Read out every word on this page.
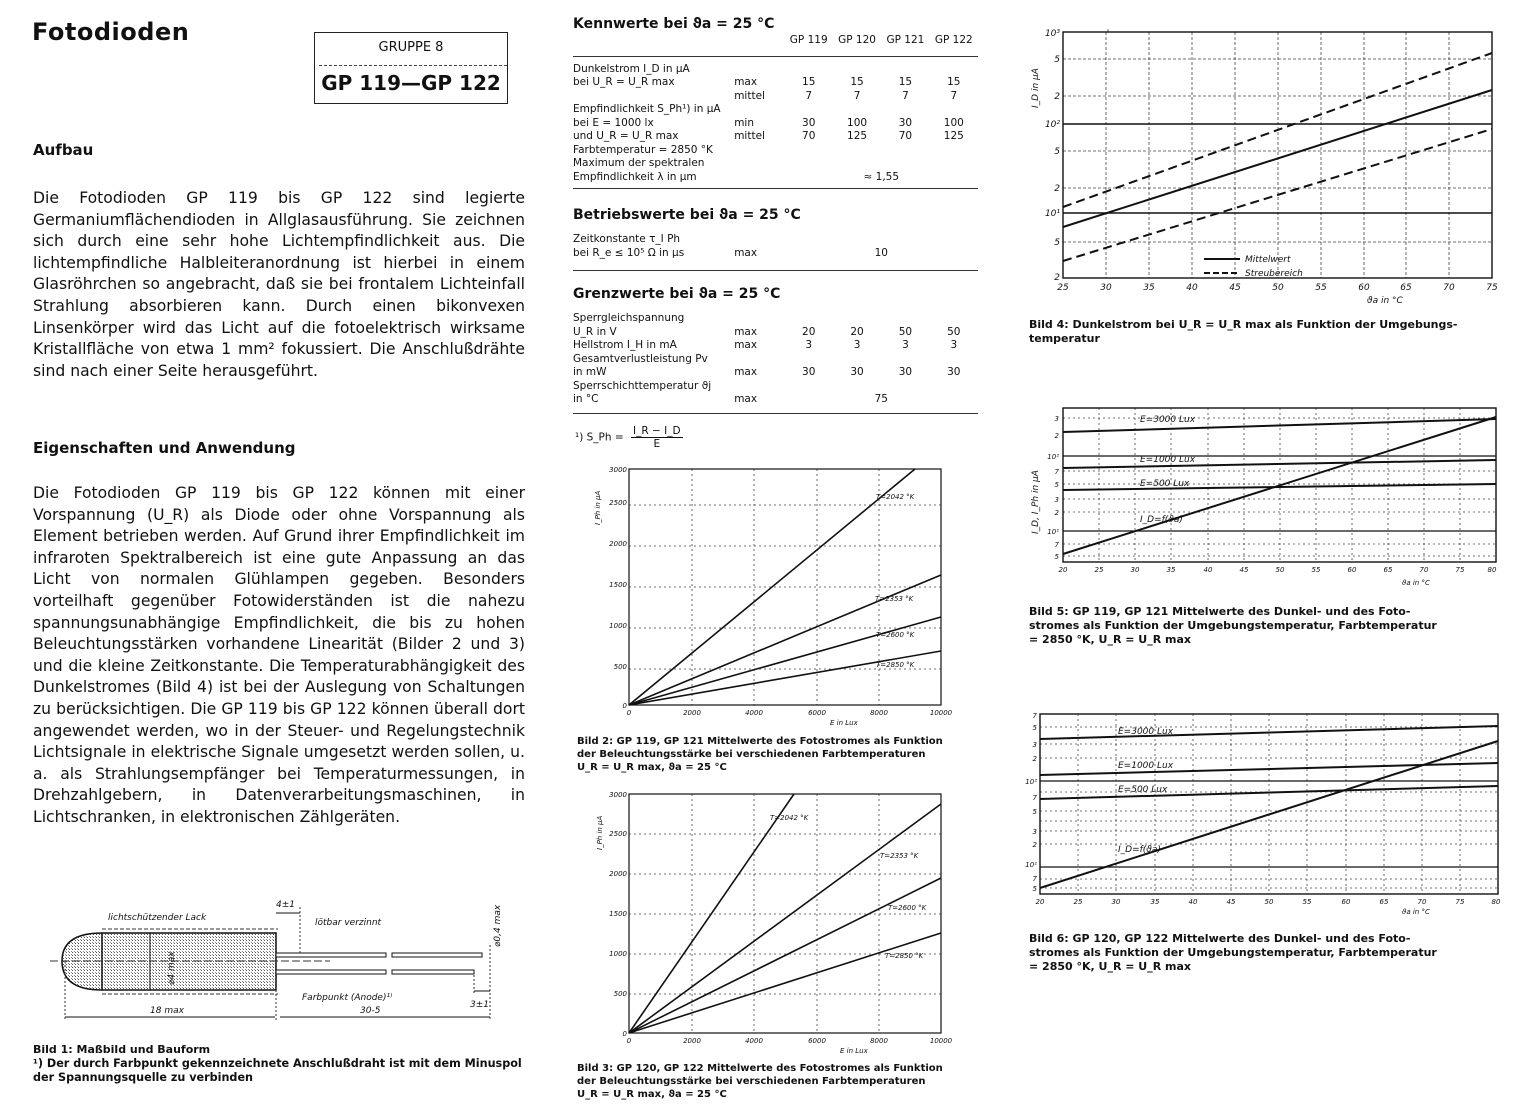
Fotodioden
GRUPPE 8
GP 119—GP 122
Aufbau
Die Fotodioden GP 119 bis GP 122 sind legierte Germaniumflächendioden in Allglasausführung. Sie zeichnen sich durch eine sehr hohe Lichtempfindlichkeit aus. Die lichtempfindliche Halbleiteranordnung ist hierbei in einem Glasröhrchen so angebracht, daß sie bei frontalem Lichteinfall Strahlung absorbieren kann. Durch einen bikonvexen Linsenkörper wird das Licht auf die fotoelektrisch wirksame Kristallfläche von etwa 1 mm² fokussiert. Die Anschlußdrähte sind nach einer Seite herausgeführt.
Eigenschaften und Anwendung
Die Fotodioden GP 119 bis GP 122 können mit einer Vorspannung (U_R) als Diode oder ohne Vorspannung als Element betrieben werden. Auf Grund ihrer Empfindlichkeit im infraroten Spektralbereich ist eine gute Anpassung an das Licht von normalen Glühlampen gegeben. Besonders vorteilhaft gegenüber Fotowiderständen ist die nahezu spannungsunabhängige Empfindlichkeit, die bis zu hohen Beleuchtungsstärken vorhandene Linearität (Bilder 2 und 3) und die kleine Zeitkonstante. Die Temperaturabhängigkeit des Dunkelstromes (Bild 4) ist bei der Auslegung von Schaltungen zu berücksichtigen. Die GP 119 bis GP 122 können überall dort angewendet werden, wo in der Steuer- und Regelungstechnik Lichtsignale in elektrische Signale umgesetzt werden sollen, u. a. als Strahlungsempfänger bei Temperaturmessungen, in Drehzahlgebern, in Datenverarbeitungsmaschinen, in Lichtschranken, in elektronischen Zählgeräten.
lichtschützender Lack
4±1
lötbar verzinnt	⌀0,4 max
⌀4 max
Farbpunkt (Anode)¹⁾
18 max	30-5
3±1
Bild 1: Maßbild und Bauform
¹) Der durch Farbpunkt gekennzeichnete Anschlußdraht ist mit dem Minuspol der Spannungsquelle zu verbinden
Kennwerte bei ϑa = 25 °C
		GP 119	GP 120	GP 121	GP 122
Dunkelstrom I_D in µA					
bei U_R = U_R max	max	15	15	15	15
	mittel	7	7	7	7
Empfindlichkeit S_Ph¹) in µA					
bei E = 1000 lx	min	30	100	30	100
und U_R = U_R max	mittel	70	125	70	125
Farbtemperatur = 2850 °K					
Maximum der spektralen					
Empfindlichkeit λ in µm		≈ 1,55			
Betriebswerte bei ϑa = 25 °C
Zeitkonstante τ_I Ph		
bei R_e ≤ 10⁵ Ω in µs	max	10
Grenzwerte bei ϑa = 25 °C
Sperrgleichspannung					
U_R in V	max	20	20	50	50
Hellstrom I_H in mA	max	3	3	3	3
Gesamtverlustleistung Pv					
in mW	max	30	30	30	30
Sperrschichttemperatur ϑj					
in °C	max	75			
¹) S_Ph = $\frac{I\_R - I\_D}{E}$
T=2042 °K
T=2353 °K
T=2600 °K
T=2850 °K
0
500
1000
1500
2000
2500
3000
0	2000	4000	6000	8000	10000
E in Lux
I_Ph in µA
Bild 2: GP 119, GP 121 Mittelwerte des Fotostromes als Funktion
der Beleuchtungsstärke bei verschiedenen Farbtemperaturen
U_R = U_R max, ϑa = 25 °C
T=2042 °K
T=2353 °K
T=2600 °K
T=2850 °K
0
500
1000
1500
2000
2500
3000
0	2000	4000	6000	8000	10000
E in Lux
I_Ph in µA
Bild 3: GP 120, GP 122 Mittelwerte des Fotostromes als Funktion
der Beleuchtungsstärke bei verschiedenen Farbtemperaturen
U_R = U_R max, ϑa = 25 °C
Mittelwert
Streubereich
2
5
10¹
2
5
10²
2
5
10³
25	30	35	40	45	50	55	60	65	70	75
ϑa in °C
I_D in µA
Bild 4: Dunkelstrom bei U_R = U_R max als Funktion der Umgebungs-
temperatur
E=3000 Lux
E=1000 Lux
E=500 Lux
I_D=f(ϑa)
5
7
10¹
2
3
5
7
10²
2
3
20	25	30	35	40	45	50	55	60	65	70	75	80
ϑa in °C
I_D, I_Ph in µA
Bild 5: GP 119, GP 121 Mittelwerte des Dunkel- und des Foto-
stromes als Funktion der Umgebungstemperatur, Farbtemperatur
= 2850 °K, U_R = U_R max
E=3000 Lux
E=1000 Lux
E=500 Lux
I_D=f(ϑa)
5
7
10¹
2
3
5
7
10²
2
3
5
7
20	25	30	35	40	45	50	55	60	65	70	75	80
ϑa in °C
Bild 6: GP 120, GP 122 Mittelwerte des Dunkel- und des Foto-
stromes als Funktion der Umgebungstemperatur, Farbtemperatur
= 2850 °K, U_R = U_R max
